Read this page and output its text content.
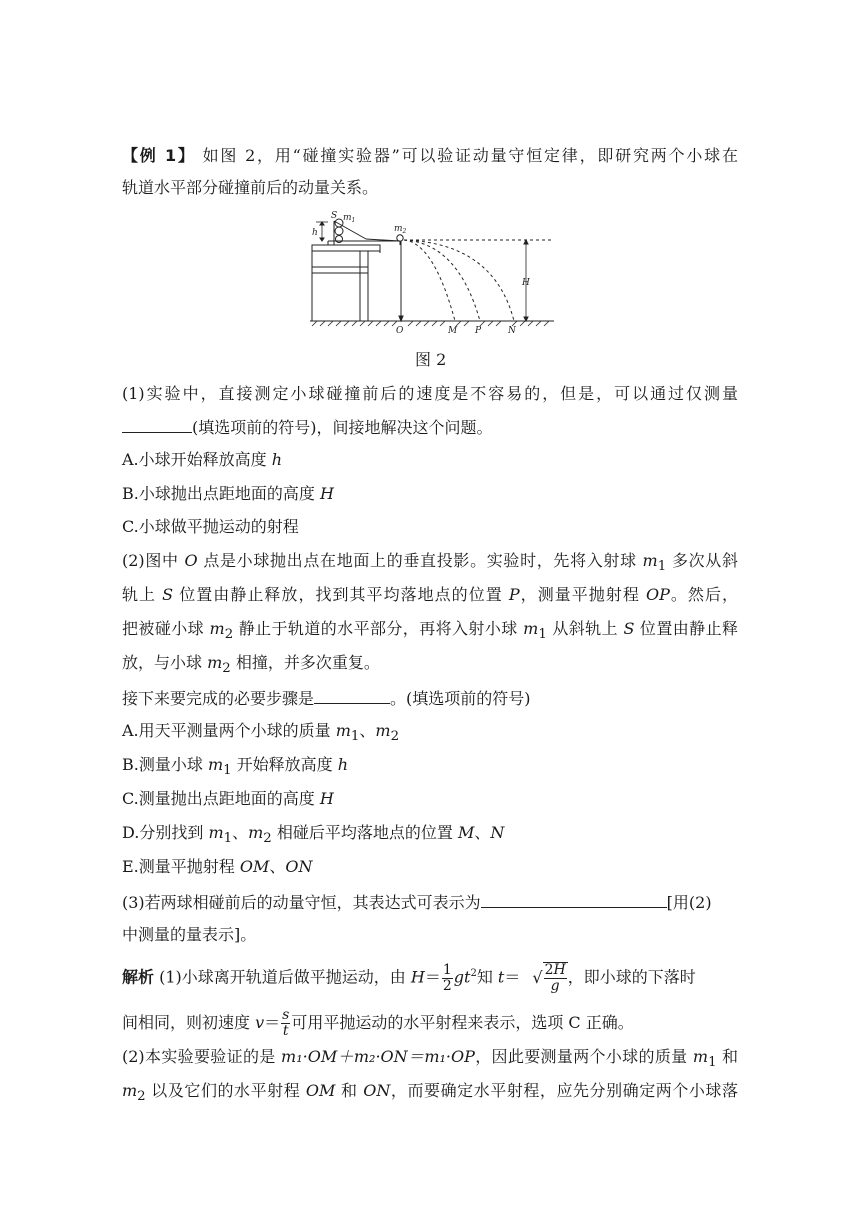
【例 1】 如图 2，用“碰撞实验器”可以验证动量守恒定律，即研究两个小球在
轨道水平部分碰撞前后的动量关系。
S $m_1$
$m_2$
h
H
O	M P	N
图 2
(1)实验中，直接测定小球碰撞前后的速度是不容易的，但是，可以通过仅测量
(填选项前的符号)，间接地解决这个问题。
A.小球开始释放高度 h
B.小球抛出点距地面的高度 H
C.小球做平抛运动的射程
(2)图中 O 点是小球抛出点在地面上的垂直投影。实验时，先将入射球 $m_1$ 多次从斜
轨上 S 位置由静止释放，找到其平均落地点的位置 P，测量平抛射程 OP。然后，
把被碰小球 $m_2$ 静止于轨道的水平部分，再将入射小球 $m_1$ 从斜轨上 S 位置由静止释
放，与小球 $m_2$ 相撞，并多次重复。
接下来要完成的必要步骤是	。(填选项前的符号)
A.用天平测量两个小球的质量 $m_1$、$m_2$
B.测量小球 $m_1$ 开始释放高度 h
C.测量抛出点距地面的高度 H
D.分别找到 $m_1$、$m_2$ 相碰后平均落地点的位置 M、N
E.测量平抛射程 OM、ON
(3)若两球相碰前后的动量守恒，其表达式可表示为	[用(2)
中测量的量表示]。
解析 (1)小球离开轨道后做平抛运动，由 $H= \frac{1}{2} gt^2$知 t＝ √ $\frac{2H}{g}$ ，即小球的下落时
间相同，则初速度 $v= \frac{s}{t}$ 可用平抛运动的水平射程来表示，选项 C 正确。
(2)本实验要验证的是 m₁·OM＋m₂·ON＝m₁·OP，因此要测量两个小球的质量 $m_1$ 和
$m_2$ 以及它们的水平射程 OM 和 ON，而要确定水平射程，应先分别确定两个小球落
